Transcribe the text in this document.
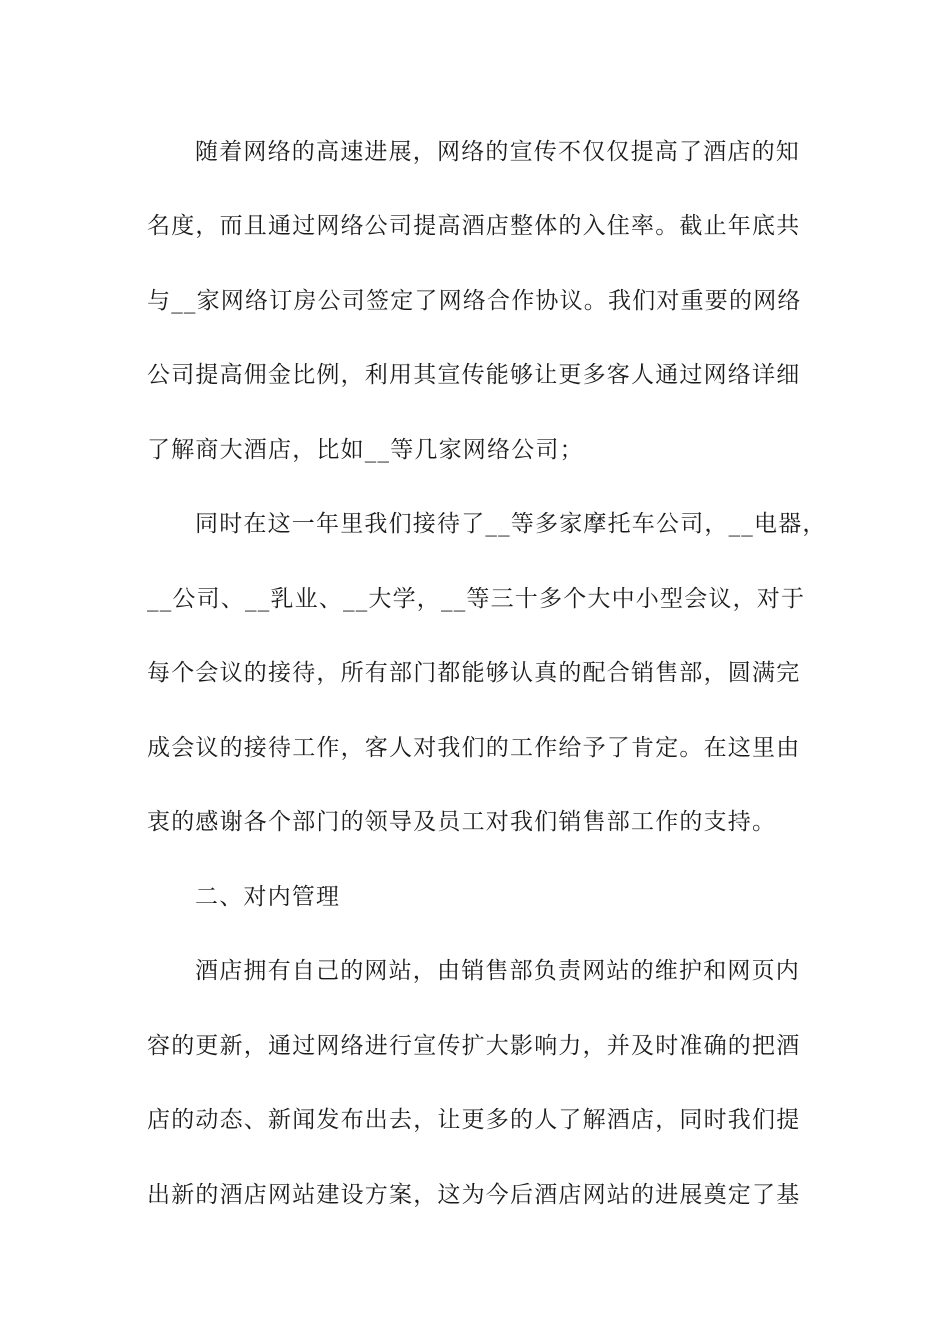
随着网络的高速进展，网络的宣传不仅仅提高了酒店的知
名度，而且通过网络公司提高酒店整体的入住率。截止年底共
与__家网络订房公司签定了网络合作协议。我们对重要的网络
公司提高佣金比例，利用其宣传能够让更多客人通过网络详细
了解商大酒店，比如__等几家网络公司；
同时在这一年里我们接待了__等多家摩托车公司，__电器，
__公司、__乳业、__大学，__等三十多个大中小型会议，对于
每个会议的接待，所有部门都能够认真的配合销售部，圆满完
成会议的接待工作，客人对我们的工作给予了肯定。在这里由
衷的感谢各个部门的领导及员工对我们销售部工作的支持。
二、对内管理
酒店拥有自己的网站，由销售部负责网站的维护和网页内
容的更新，通过网络进行宣传扩大影响力，并及时准确的把酒
店的动态、新闻发布出去，让更多的人了解酒店，同时我们提
出新的酒店网站建设方案，这为今后酒店网站的进展奠定了基
